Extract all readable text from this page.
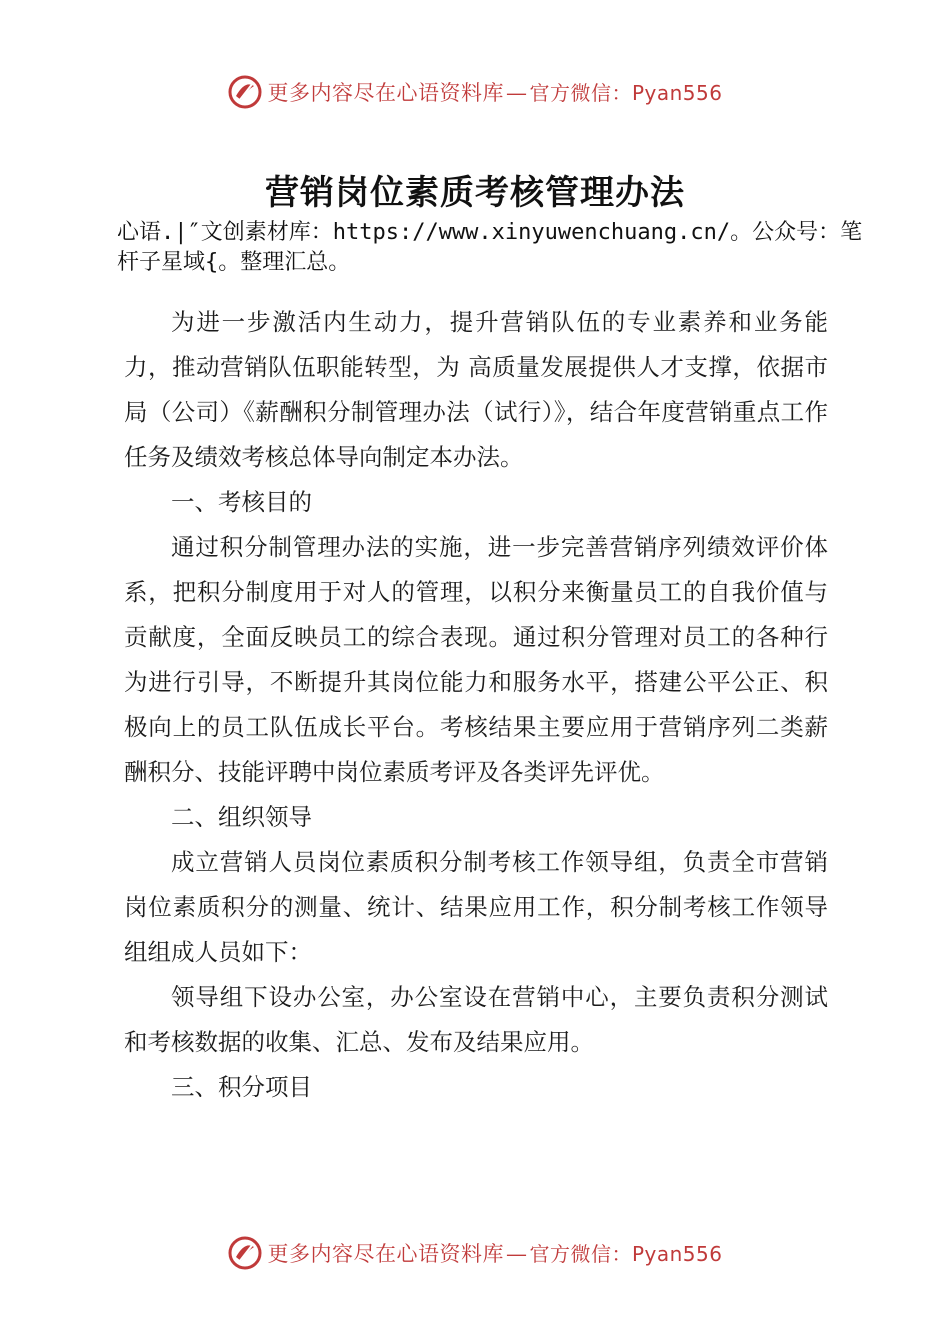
更多内容尽在心语资料库— 官方微信：Pyan556
营销岗位素质考核管理办法
心语.|″文创素材库：https://www.xinyuwenchuang.cn/。公众号：笔杆子星域{。整理汇总。

为进一步激活内生动力，提升营销队伍的专业素养和业务能力，推动营销队伍职能转型，为 高质量发展提供人才支撑，依据市局（公司）《薪酬积分制管理办法（试行）》，结合年度营销重点工作任务及绩效考核总体导向制定本办法。

一、考核目的

通过积分制管理办法的实施，进一步完善营销序列绩效评价体系，把积分制度用于对人的管理，以积分来衡量员工的自我价值与贡献度，全面反映员工的综合表现。通过积分管理对员工的各种行为进行引导，不断提升其岗位能力和服务水平，搭建公平公正、积极向上的员工队伍成长平台。考核结果主要应用于营销序列二类薪酬积分、技能评聘中岗位素质考评及各类评先评优。

二、组织领导

成立营销人员岗位素质积分制考核工作领导组，负责全市营销岗位素质积分的测量、统计、结果应用工作，积分制考核工作领导组组成人员如下：

领导组下设办公室，办公室设在营销中心，主要负责积分测试和考核数据的收集、汇总、发布及结果应用。

三、积分项目

更多内容尽在心语资料库— 官方微信：Pyan556
